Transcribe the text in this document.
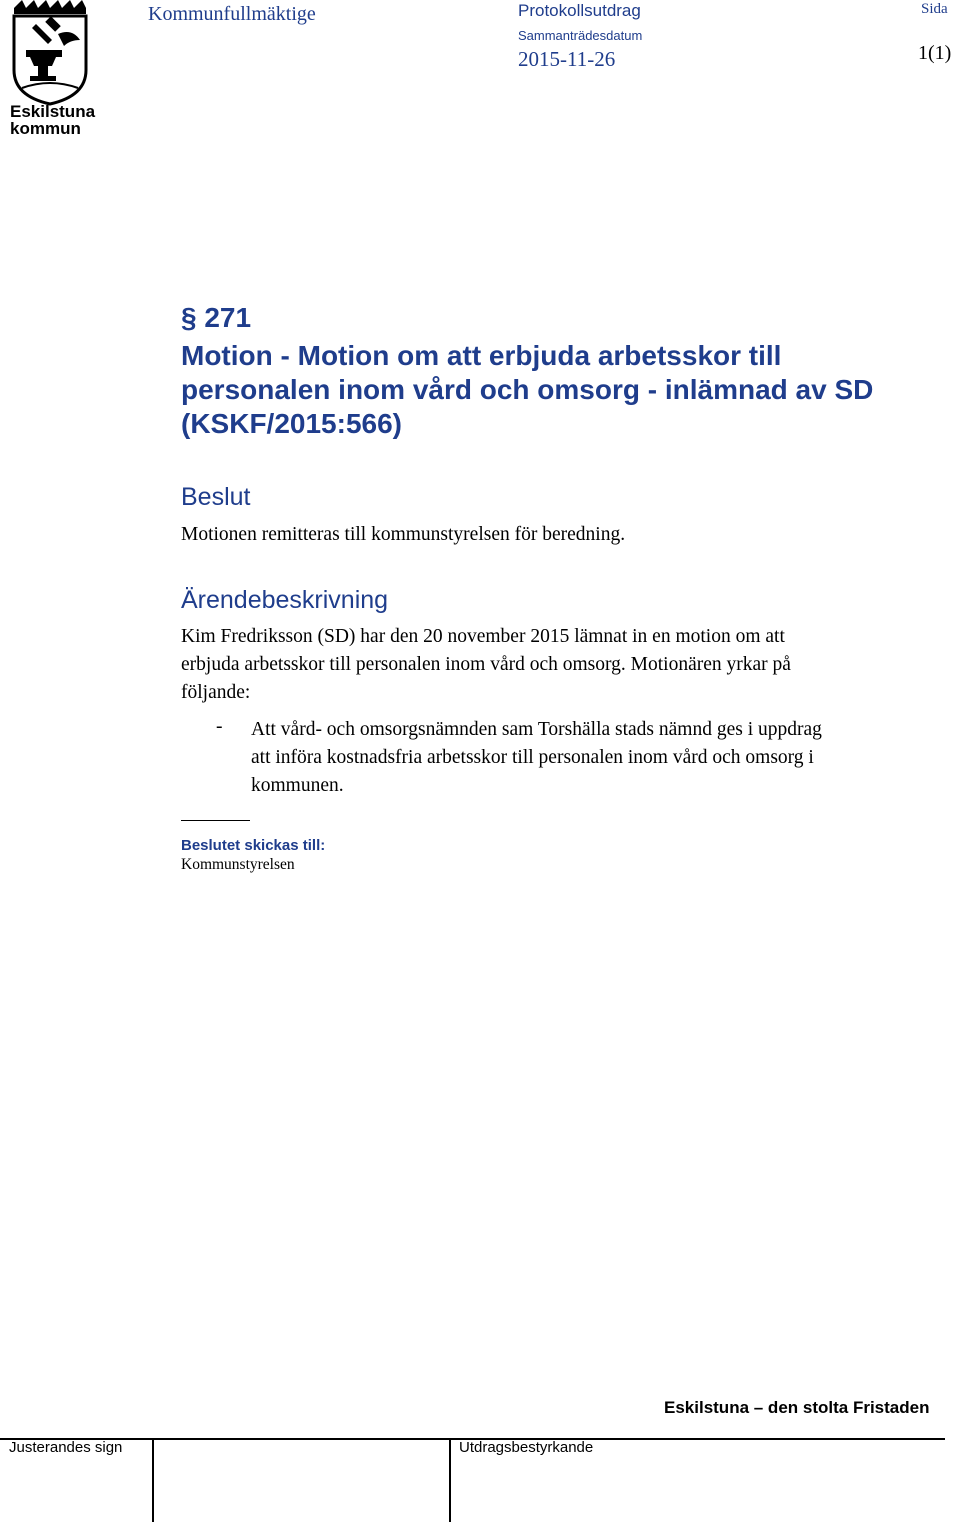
Eskilstuna kommun
Kommunfullmäktige	Protokollsutdrag
Sammanträdesdatum
2015-11-26
Sida
1(1)
§ 271
Motion - Motion om att erbjuda arbetsskor till
personalen inom vård och omsorg - inlämnad av SD
(KSKF/2015:566)
Beslut
Motionen remitteras till kommunstyrelsen för beredning.
Ärendebeskrivning
Kim Fredriksson (SD) har den 20 november 2015 lämnat in en motion om att
erbjuda arbetsskor till personalen inom vård och omsorg. Motionären yrkar på
följande:
- Att vård- och omsorgsnämnden sam Torshälla stads nämnd ges i uppdrag
att införa kostnadsfria arbetsskor till personalen inom vård och omsorg i
kommunen.
Beslutet skickas till:
Kommunstyrelsen
Eskilstuna – den stolta Fristaden
Justerandes sign	Utdragsbestyrkande
